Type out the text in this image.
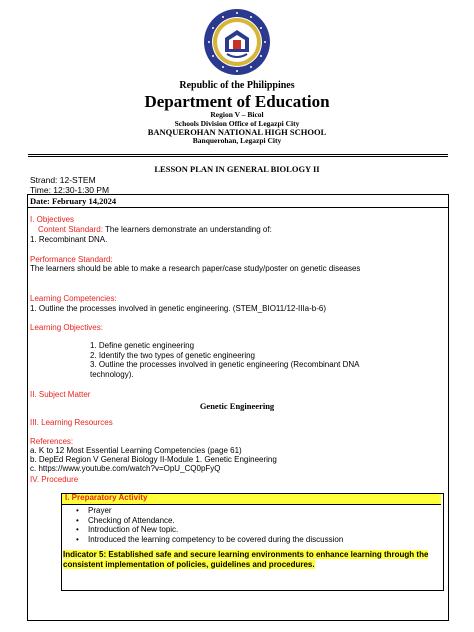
Republic of the Philippines
Department of Education
Region V – Bicol
Schools Division Office of Legazpi City
BANQUEROHAN NATIONAL HIGH SCHOOL
Banquerohan, Legazpi City
LESSON PLAN IN GENERAL BIOLOGY II
Strand: 12-STEM
Time: 12:30-1:30 PM
Date: February 14,2024
I. Objectives
Content Standard: The learners demonstrate an understanding of:
1. Recombinant DNA.
Performance Standard:
The learners should be able to make a research paper/case study/poster on genetic diseases
Learning Competencies:
1. Outline the processes involved in genetic engineering. (STEM_BIO11/12-IIIa-b-6)
Learning Objectives:
1. Define genetic engineering
2. Identify the two types of genetic engineering
3. Outline the processes involved in genetic engineering (Recombinant DNA
technology).
II. Subject Matter
Genetic Engineering
III. Learning Resources
References:
a. K to 12 Most Essential Learning Competencies (page 61)
b. DepEd Region V General Biology II-Module 1. Genetic Engineering
c. https://www.youtube.com/watch?v=OpU_CQ0pFyQ
IV. Procedure
I. Preparatory Activity
• Prayer
• Checking of Attendance.
• Introduction of New topic.
• Introduced the learning competency to be covered during the discussion
Indicator 5: Established safe and secure learning environments to enhance learning through the consistent implementation of policies, guidelines and procedures.
